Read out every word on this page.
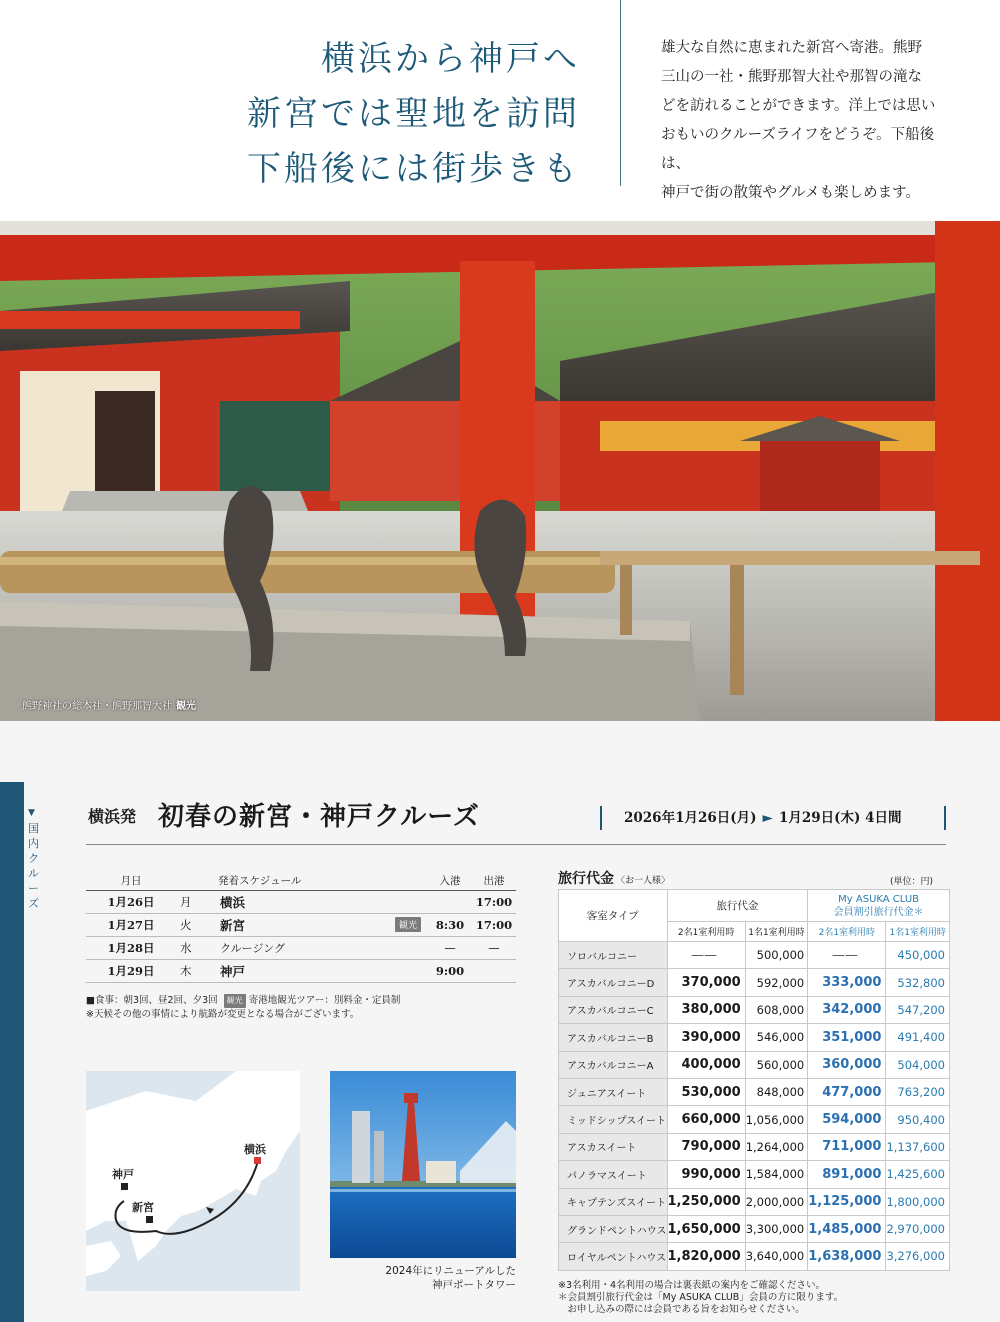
横浜から神戸へ
新宮では聖地を訪問
下船後には街歩きも
雄大な自然に恵まれた新宮へ寄港。熊野
三山の一社・熊野那智大社や那智の滝な
どを訪れることができます。洋上では思い
おもいのクルーズライフをどうぞ。下船後は、
神戸で街の散策やグルメも楽しめます。
熊野神社の総本社・熊野那智大社 観光
▼
国内クルーズ
横浜発 初春の新宮・神戸クルーズ	2026年1月26日(月) ► 1月29日(木) 4日間
月日		発着スケジュール		入港	出港
1月26日	月	横浜			17:00
1月27日	火	新宮	観光	8:30	17:00
1月28日	水	クルージング		—	—
1月29日	木	神戸		9:00	
■食事：朝3回、昼2回、夕3回 観光 寄港地観光ツアー：別料金・定員制
※天候その他の事情により航路が変更となる場合がございます。
横浜
神戸
新宮
2024年にリニューアルした
神戸ポートタワー
旅行代金 〈お一人様〉	(単位：円)
客室タイプ	旅行代金		My ASUKA CLUB
会員割引旅行代金＊	

	2名1室利用時	1名1室利用時	2名1室利用時	1名1室利用時
ソロバルコニー	——	500,000	——	450,000
アスカバルコニーD	370,000	592,000	333,000	532,800
アスカバルコニーC	380,000	608,000	342,000	547,200
アスカバルコニーB	390,000	546,000	351,000	491,400
アスカバルコニーA	400,000	560,000	360,000	504,000
ジュニアスイート	530,000	848,000	477,000	763,200
ミッドシップスイート	660,000	1,056,000	594,000	950,400
アスカスイート	790,000	1,264,000	711,000	1,137,600
パノラマスイート	990,000	1,584,000	891,000	1,425,600
キャプテンズスイート	1,250,000	2,000,000	1,125,000	1,800,000
グランドペントハウス	1,650,000	3,300,000	1,485,000	2,970,000
ロイヤルペントハウス	1,820,000	3,640,000	1,638,000	3,276,000
※3名利用・4名利用の場合は裏表紙の案内をご確認ください。
＊会員割引旅行代金は「My ASUKA CLUB」会員の方に限ります。
　お申し込みの際には会員である旨をお知らせください。
